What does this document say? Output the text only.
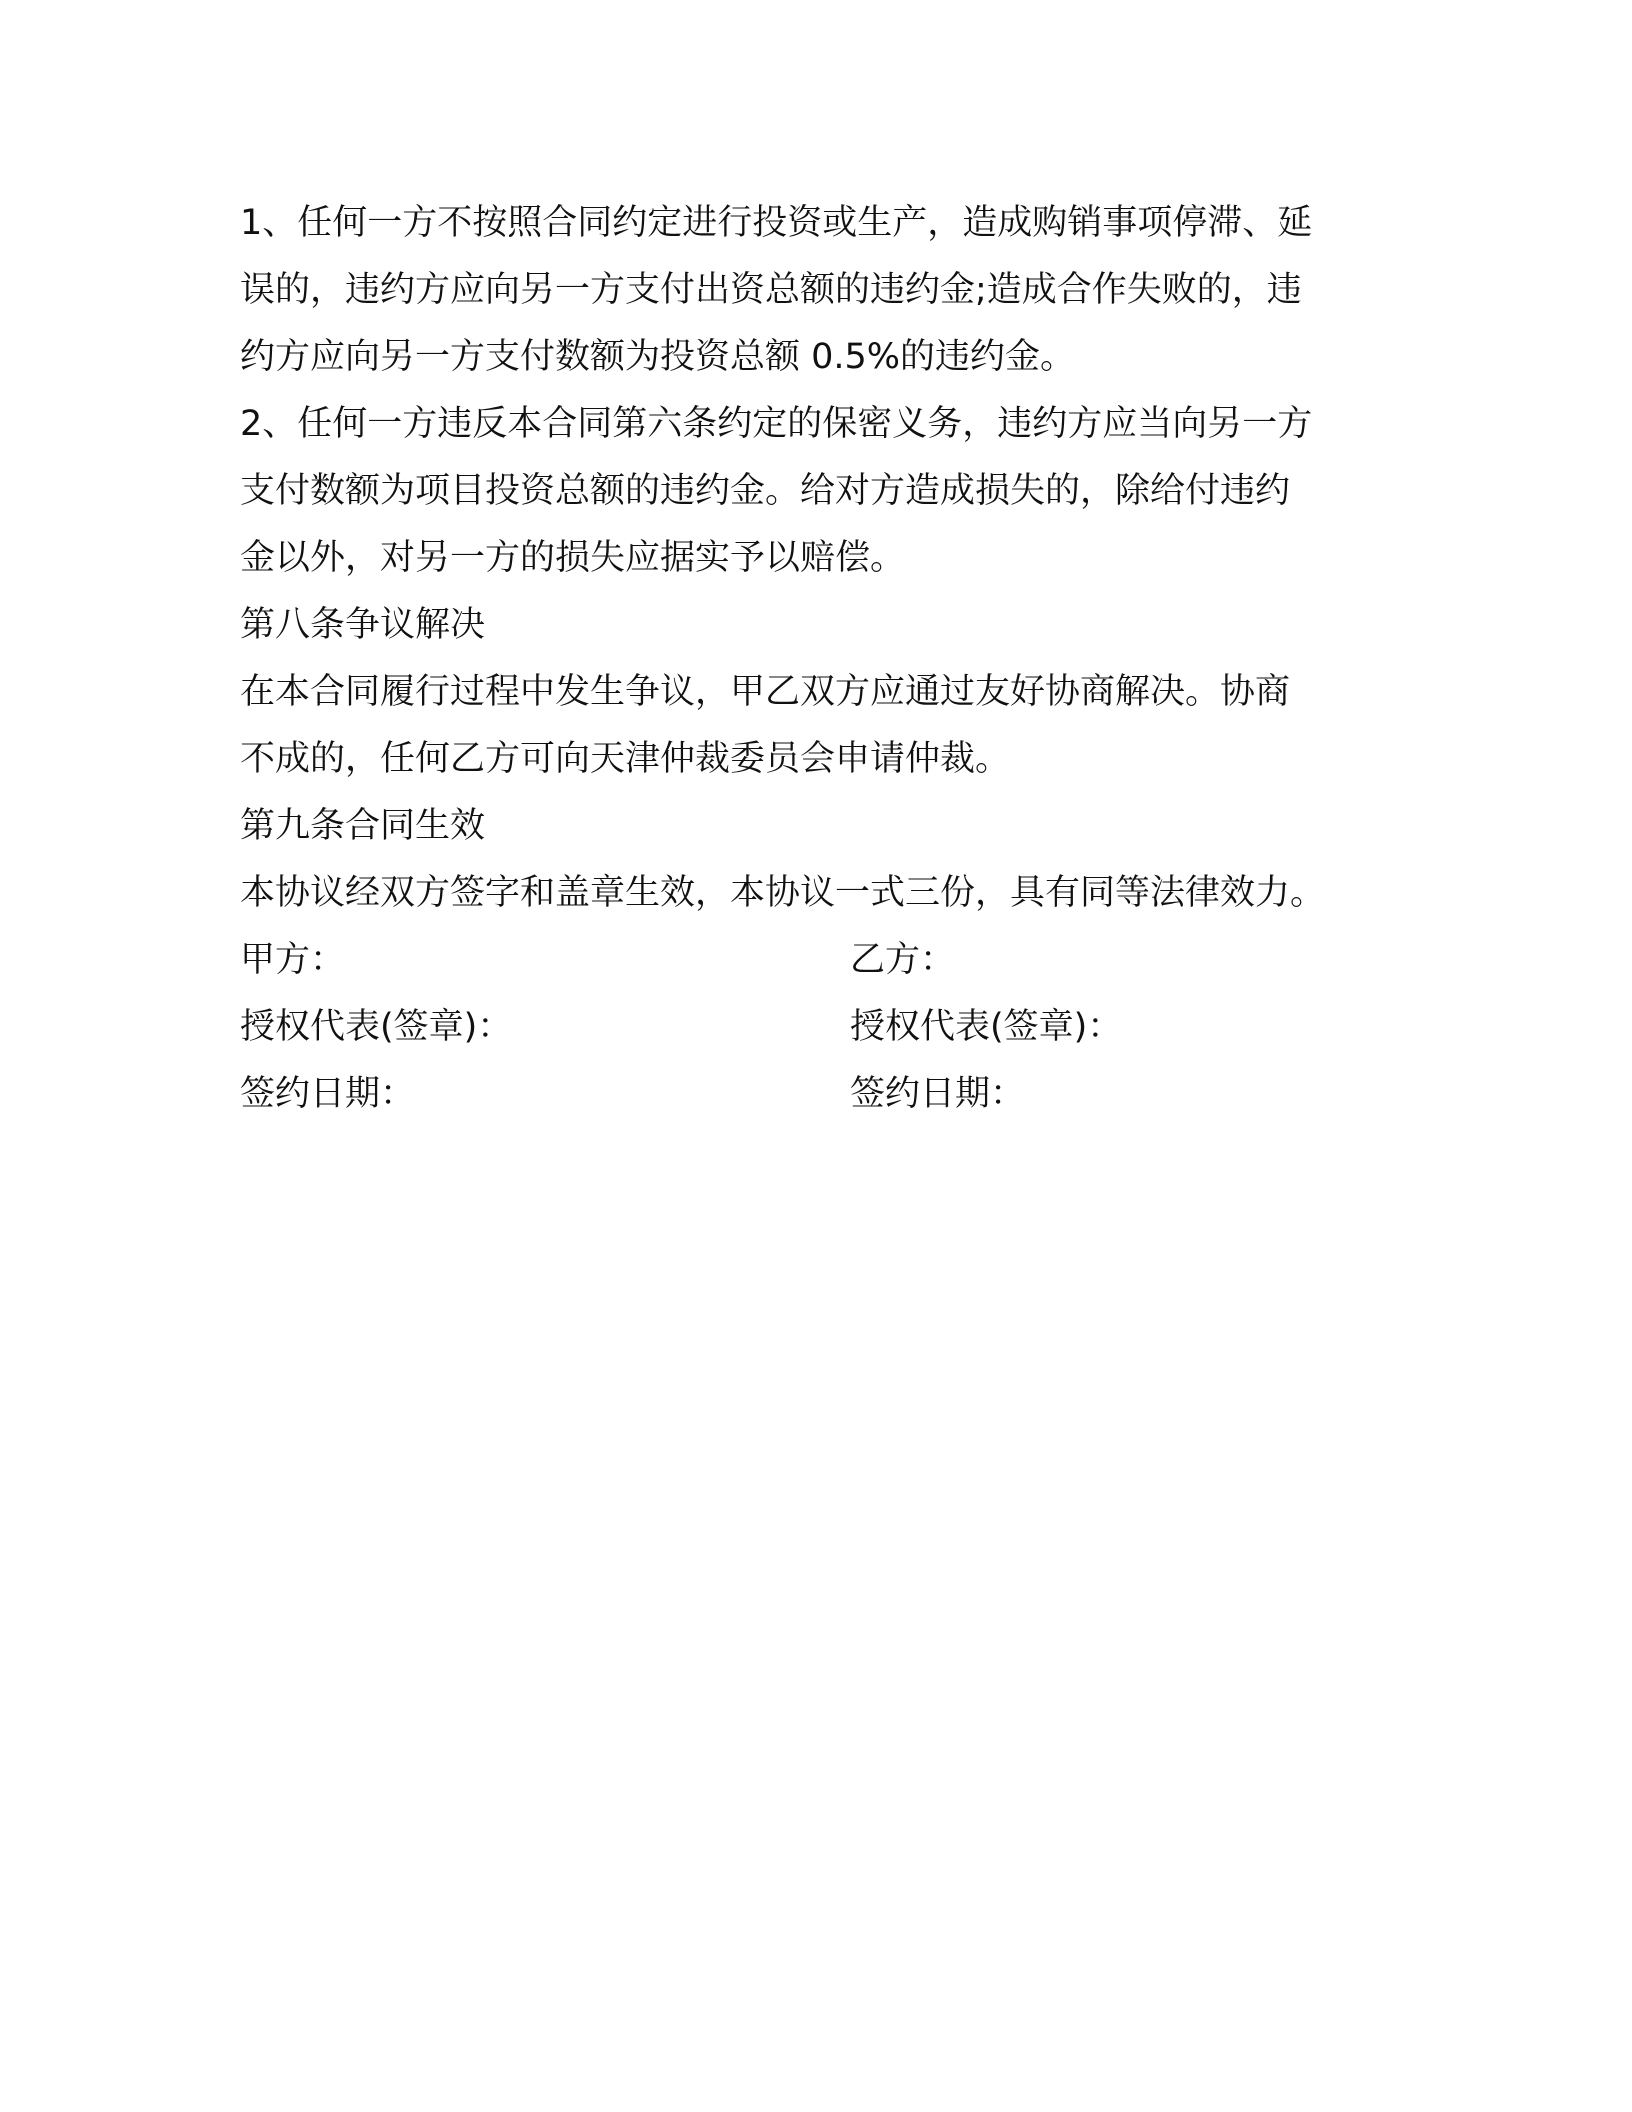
1、任何一方不按照合同约定进行投资或生产，造成购销事项停滞、延
误的，违约方应向另一方支付出资总额的违约金;造成合作失败的，违
约方应向另一方支付数额为投资总额 0.5%的违约金。
2、任何一方违反本合同第六条约定的保密义务，违约方应当向另一方
支付数额为项目投资总额的违约金。给对方造成损失的，除给付违约
金以外，对另一方的损失应据实予以赔偿。
第八条争议解决
在本合同履行过程中发生争议，甲乙双方应通过友好协商解决。协商
不成的，任何乙方可向天津仲裁委员会申请仲裁。
第九条合同生效
本协议经双方签字和盖章生效，本协议一式三份，具有同等法律效力。
甲方：	乙方：
授权代表(签章)：	授权代表(签章)：
签约日期：	签约日期：
